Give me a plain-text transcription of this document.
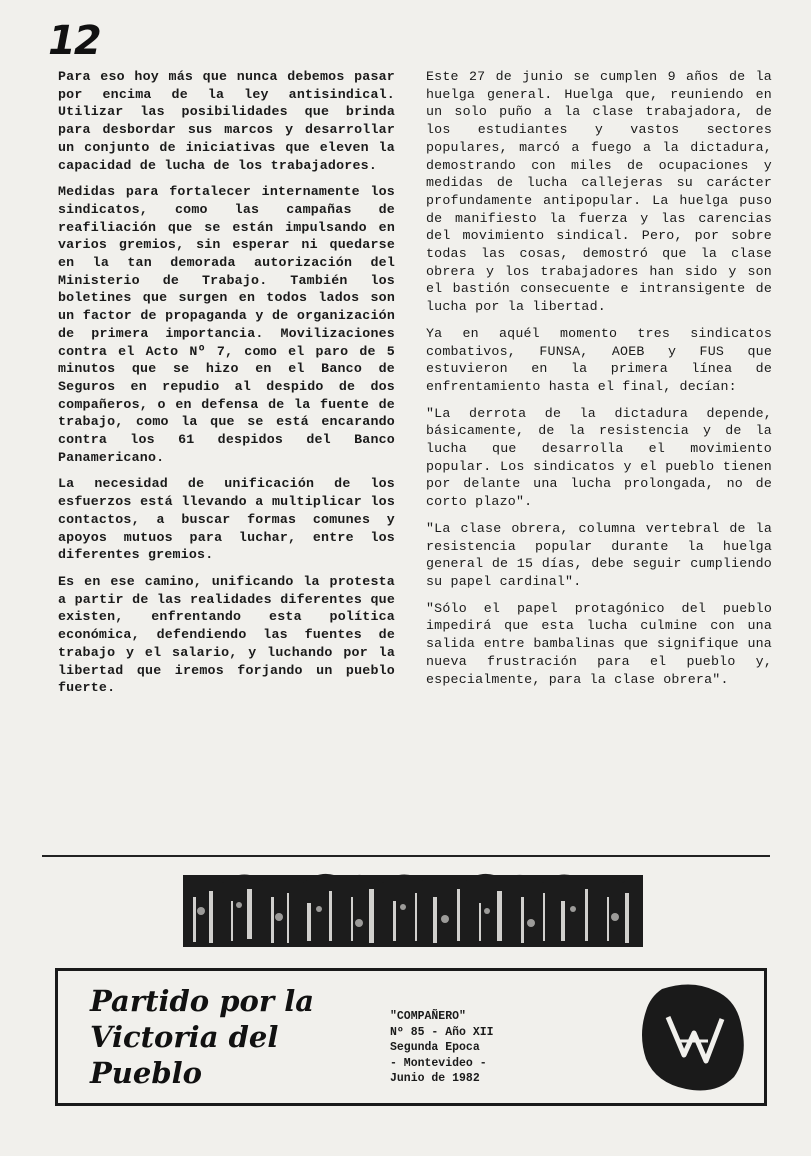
12

Para eso hoy más que nunca debemos pasar por encima de la ley antisindical. Utilizar las posibilidades que brinda para desbordar sus marcos y desarrollar un conjunto de iniciativas que eleven la capacidad de lucha de los trabajadores.

Medidas para fortalecer internamente los sindicatos, como las campañas de reafiliación que se están impulsando en varios gremios, sin esperar ni quedarse en la tan demorada autorización del Ministerio de Trabajo. También los boletines que surgen en todos lados son un factor de propaganda y de organización de primera importancia. Movilizaciones contra el Acto Nº 7, como el paro de 5 minutos que se hizo en el Banco de Seguros en repudio al despido de dos compañeros, o en defensa de la fuente de trabajo, como la que se está encarando contra los 61 despidos del Banco Panamericano.

La necesidad de unificación de los esfuerzos está llevando a multiplicar los contactos, a buscar formas comunes y apoyos mutuos para luchar, entre los diferentes gremios.

Es en ese camino, unificando la protesta a partir de las realidades diferentes que existen, enfrentando esta política económica, defendiendo las fuentes de trabajo y el salario, y luchando por la libertad que iremos forjando un pueblo fuerte.

Este 27 de junio se cumplen 9 años de la huelga general. Huelga que, reuniendo en un solo puño a la clase trabajadora, de los estudiantes y vastos sectores populares, marcó a fuego a la dictadura, demostrando con miles de ocupaciones y medidas de lucha callejeras su carácter profundamente antipopular. La huelga puso de manifiesto la fuerza y las carencias del movimiento sindical. Pero, por sobre todas las cosas, demostró que la clase obrera y los trabajadores han sido y son el bastión consecuente e intransigente de lucha por la libertad.

Ya en aquél momento tres sindicatos combativos, FUNSA, AOEB y FUS que estuvieron en la primera línea de enfrentamiento hasta el final, decían:

"La derrota de la dictadura depende, básicamente, de la resistencia y de la lucha que desarrolla el movimiento popular. Los sindicatos y el pueblo tienen por delante una lucha prolongada, no de corto plazo".

"La clase obrera, columna vertebral de la resistencia popular durante la huelga general de 15 días, debe seguir cumpliendo su papel cardinal".

"Sólo el papel protagónico del pueblo impedirá que esta lucha culmine con una salida entre bambalinas que signifique una nueva frustración para el pueblo y, especialmente, para la clase obrera".

Partido por la
Victoria del
Pueblo
"COMPAÑERO"
Nº 85 - Año XII
Segunda Epoca
- Montevideo -
Junio de 1982
